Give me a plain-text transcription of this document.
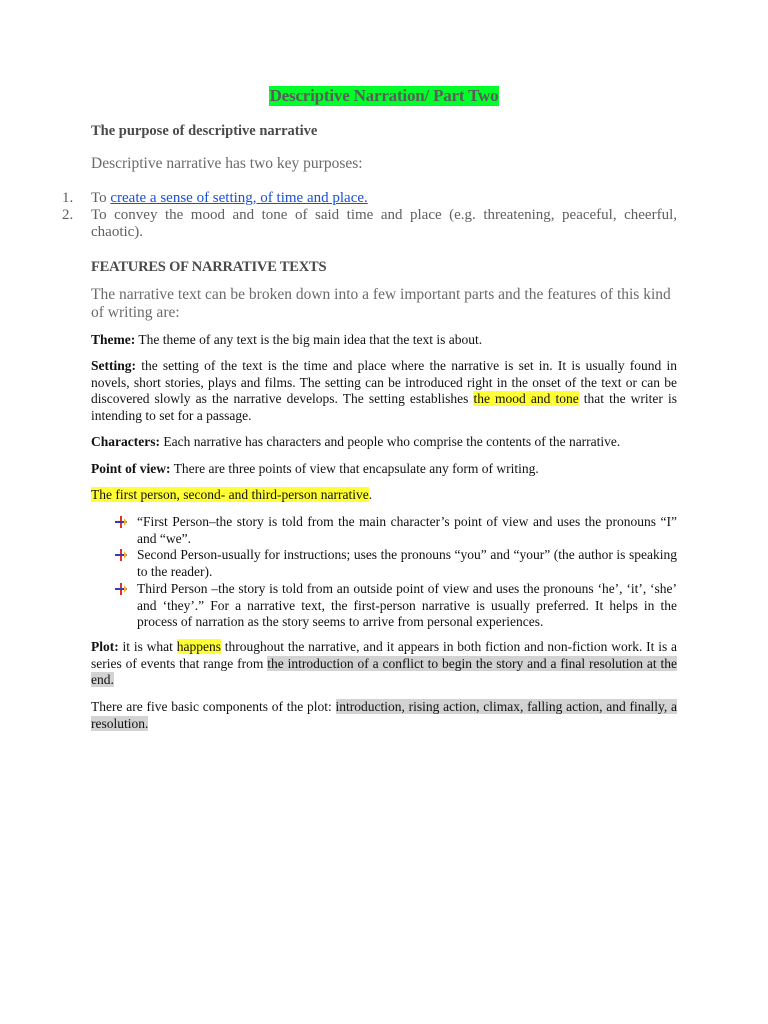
Descriptive Narration/ Part Two
The purpose of descriptive narrative
Descriptive narrative has two key purposes:
1. To create a sense of setting, of time and place.
2. To convey the mood and tone of said time and place (e.g. threatening, peaceful, cheerful, chaotic).
FEATURES OF NARRATIVE TEXTS
The narrative text can be broken down into a few important parts and the features of this kind of writing are:
Theme: The theme of any text is the big main idea that the text is about.
Setting: the setting of the text is the time and place where the narrative is set in. It is usually found in novels, short stories, plays and films. The setting can be introduced right in the onset of the text or can be discovered slowly as the narrative develops. The setting establishes the mood and tone that the writer is intending to set for a passage.
Characters: Each narrative has characters and people who comprise the contents of the narrative.
Point of view: There are three points of view that encapsulate any form of writing.
The first person, second- and third-person narrative.
“First Person–the story is told from the main character’s point of view and uses the pronouns “I” and “we”.
Second Person-usually for instructions; uses the pronouns “you” and “your” (the author is speaking to the reader).
Third Person –the story is told from an outside point of view and uses the pronouns ‘he’, ‘it’, ‘she’ and ‘they’.” For a narrative text, the first-person narrative is usually preferred. It helps in the process of narration as the story seems to arrive from personal experiences.
Plot: it is what happens throughout the narrative, and it appears in both fiction and non-fiction work. It is a series of events that range from the introduction of a conflict to begin the story and a final resolution at the end.
There are five basic components of the plot: introduction, rising action, climax, falling action, and finally, a resolution.
